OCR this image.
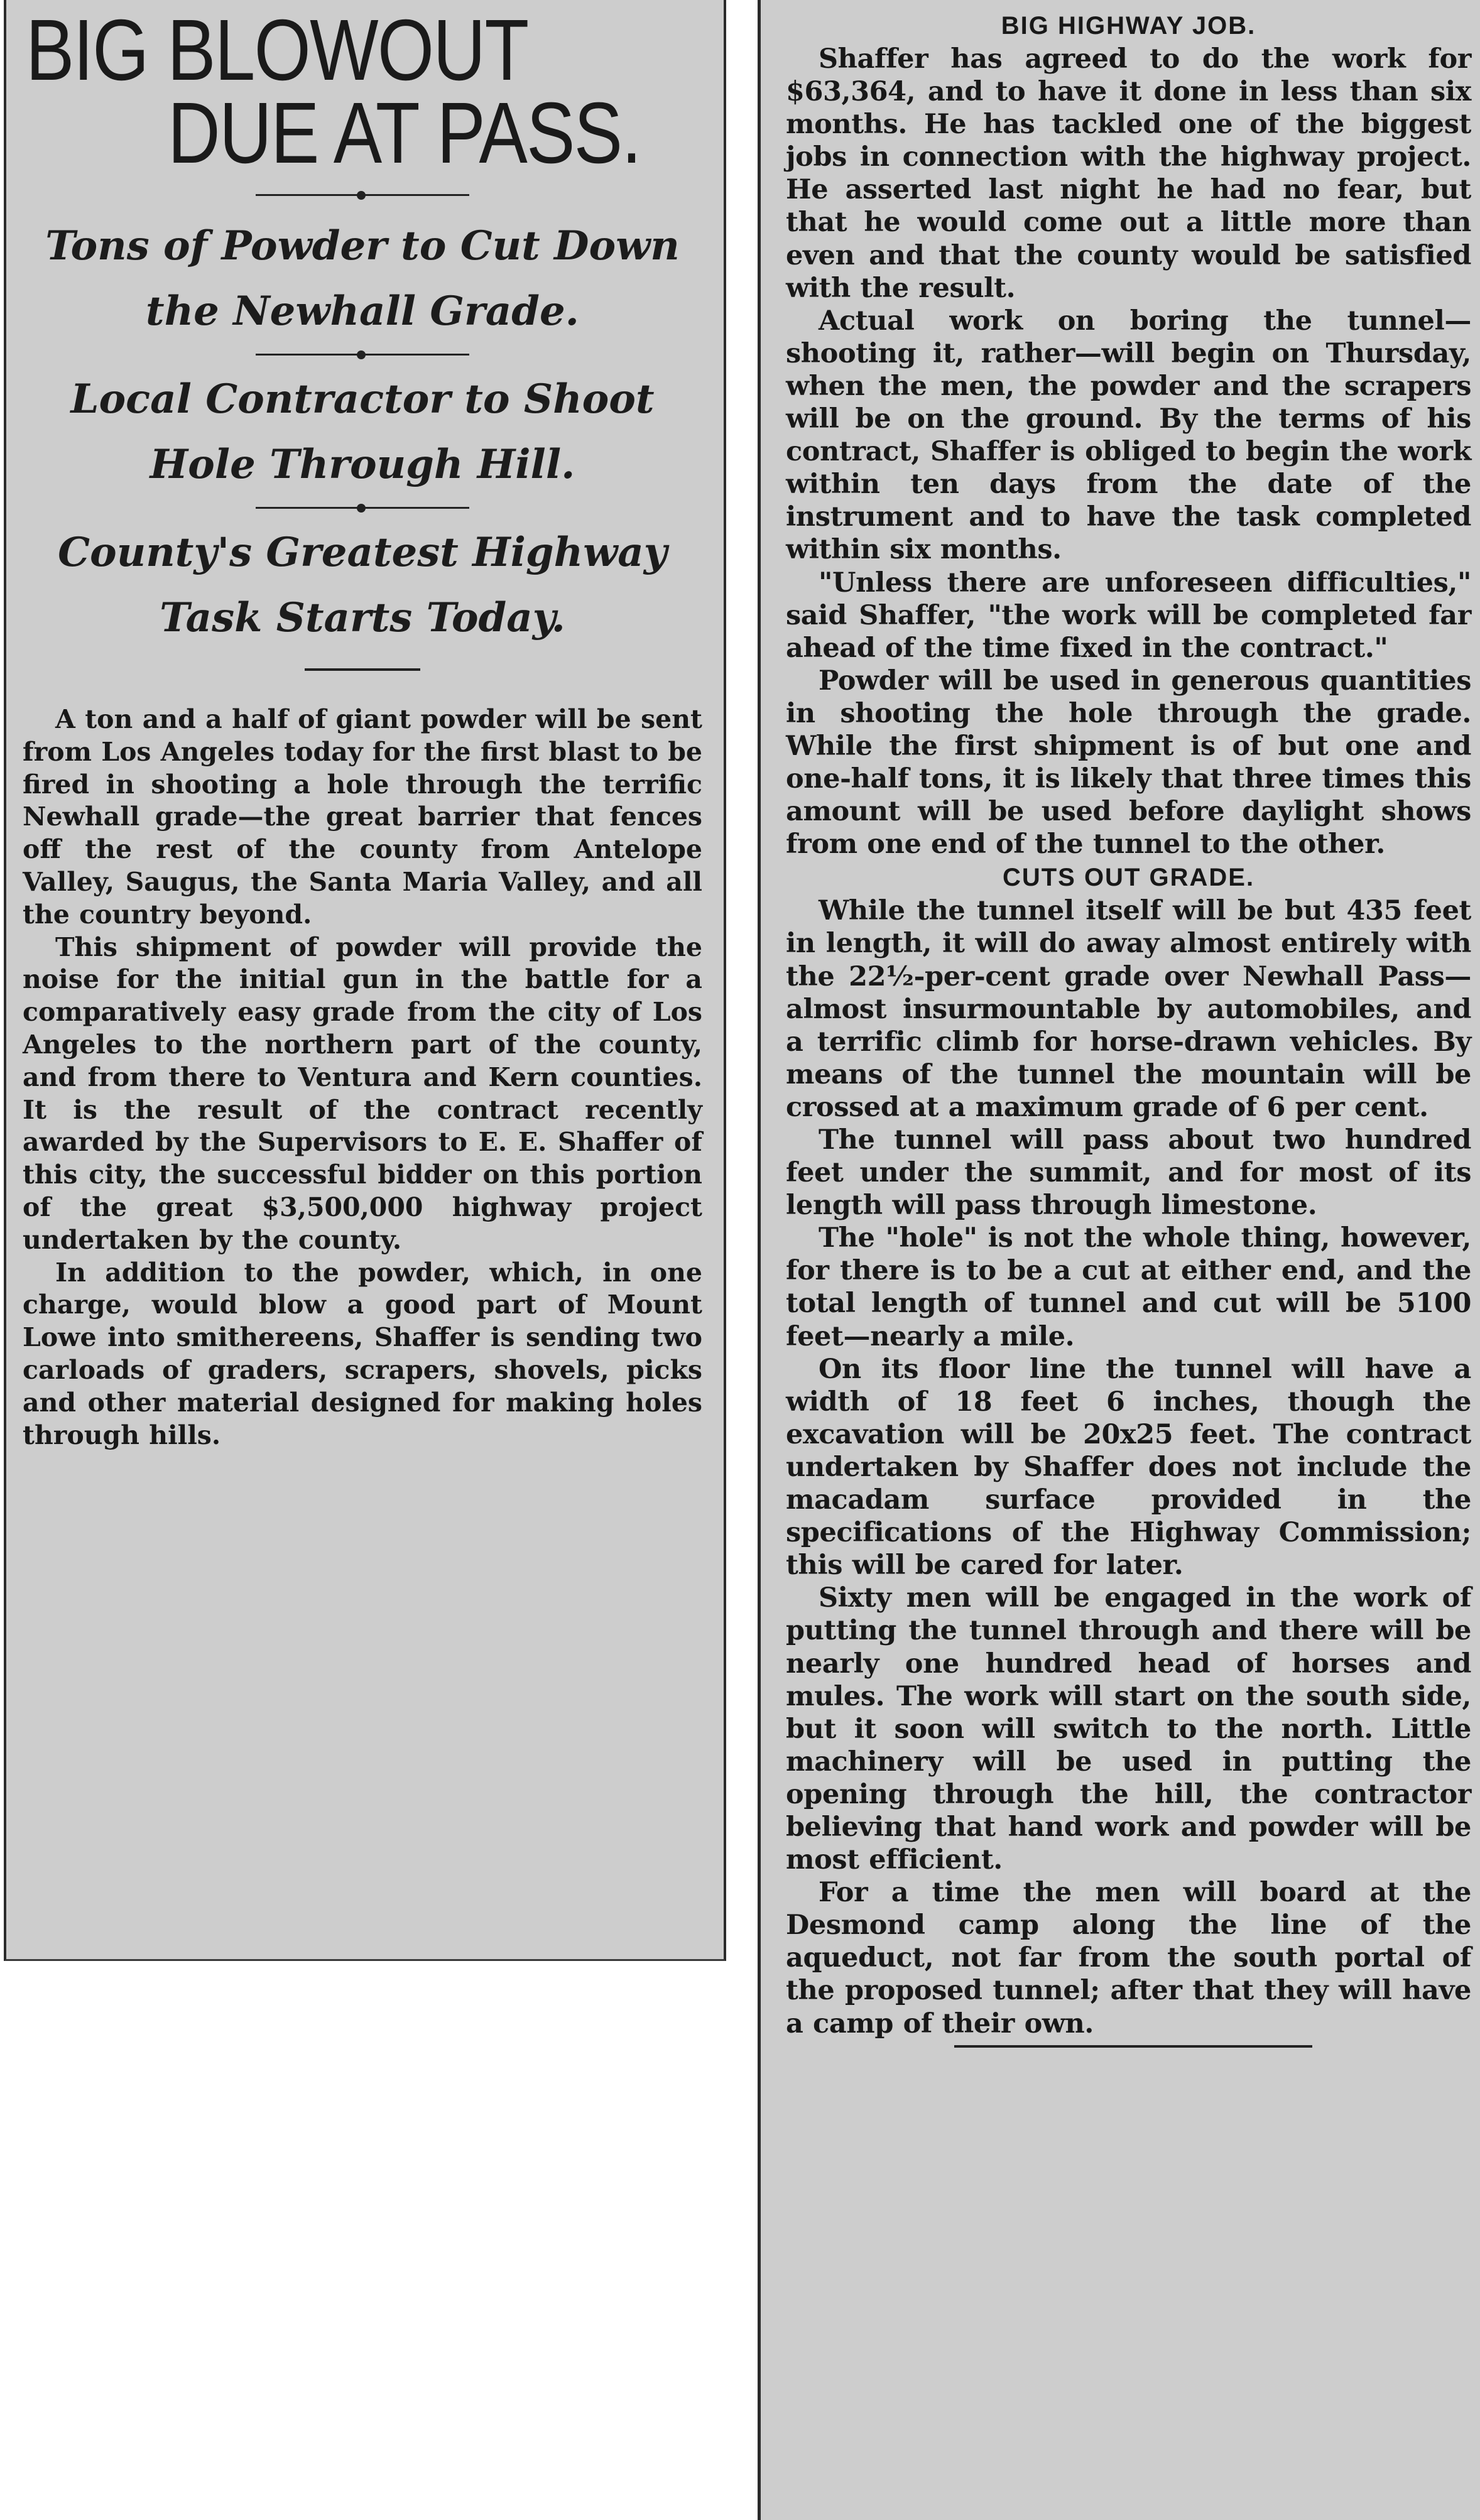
BIG BLOWOUT
DUE AT PASS.
Tons of Powder to Cut Down
the Newhall Grade.
Local Contractor to Shoot
Hole Through Hill.
County's Greatest Highway
Task Starts Today.

A ton and a half of giant powder will be sent from Los Angeles today for the first blast to be fired in shooting a hole through the terrific Newhall grade—the great barrier that fences off the rest of the county from Antelope Valley, Saugus, the Santa Maria Valley, and all the country beyond.

This shipment of powder will provide the noise for the initial gun in the battle for a comparatively easy grade from the city of Los Angeles to the northern part of the county, and from there to Ventura and Kern counties. It is the result of the contract recently awarded by the Supervisors to E. E. Shaffer of this city, the successful bidder on this portion of the great $3,500,000 highway project undertaken by the county.

In addition to the powder, which, in one charge, would blow a good part of Mount Lowe into smithereens, Shaffer is sending two carloads of graders, scrapers, shovels, picks and other material designed for making holes through hills.

BIG HIGHWAY JOB.

Shaffer has agreed to do the work for $63,364, and to have it done in less than six months. He has tackled one of the biggest jobs in connection with the highway project. He asserted last night he had no fear, but that he would come out a little more than even and that the county would be satisfied with the result.

Actual work on boring the tunnel—shooting it, rather—will begin on Thursday, when the men, the powder and the scrapers will be on the ground. By the terms of his contract, Shaffer is obliged to begin the work within ten days from the date of the instrument and to have the task completed within six months.

"Unless there are unforeseen difficulties," said Shaffer, "the work will be completed far ahead of the time fixed in the contract."

Powder will be used in generous quantities in shooting the hole through the grade. While the first shipment is of but one and one-half tons, it is likely that three times this amount will be used before daylight shows from one end of the tunnel to the other.

CUTS OUT GRADE.

While the tunnel itself will be but 435 feet in length, it will do away almost entirely with the 22½-per-cent grade over Newhall Pass—almost insurmountable by automobiles, and a terrific climb for horse-drawn vehicles. By means of the tunnel the mountain will be crossed at a maximum grade of 6 per cent.

The tunnel will pass about two hundred feet under the summit, and for most of its length will pass through limestone.

The "hole" is not the whole thing, however, for there is to be a cut at either end, and the total length of tunnel and cut will be 5100 feet—nearly a mile.

On its floor line the tunnel will have a width of 18 feet 6 inches, though the excavation will be 20x25 feet. The contract undertaken by Shaffer does not include the macadam surface provided in the specifications of the Highway Commission; this will be cared for later.

Sixty men will be engaged in the work of putting the tunnel through and there will be nearly one hundred head of horses and mules. The work will start on the south side, but it soon will switch to the north. Little machinery will be used in putting the opening through the hill, the contractor believing that hand work and powder will be most efficient.

For a time the men will board at the Desmond camp along the line of the aqueduct, not far from the south portal of the proposed tunnel; after that they will have a camp of their own.
